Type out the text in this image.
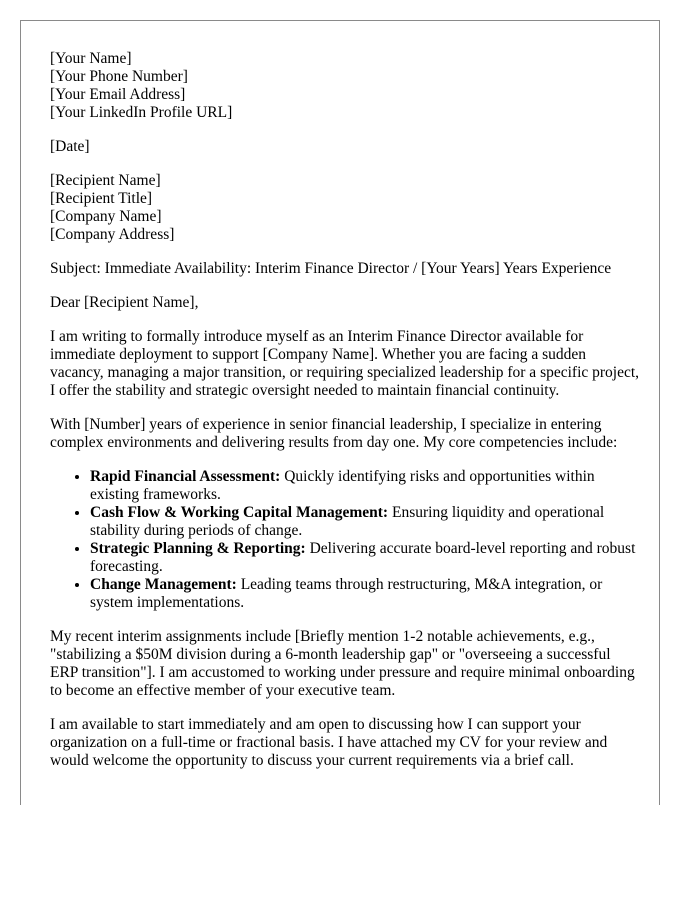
[Your Name]
[Your Phone Number]
[Your Email Address]
[Your LinkedIn Profile URL]
[Date]
[Recipient Name]
[Recipient Title]
[Company Name]
[Company Address]

Subject: Immediate Availability: Interim Finance Director / [Your Years] Years Experience

Dear [Recipient Name],

I am writing to formally introduce myself as an Interim Finance Director available for immediate deployment to support [Company Name]. Whether you are facing a sudden vacancy, managing a major transition, or requiring specialized leadership for a specific project, I offer the stability and strategic oversight needed to maintain financial continuity.

With [Number] years of experience in senior financial leadership, I specialize in entering complex environments and delivering results from day one. My core competencies include:

• Rapid Financial Assessment: Quickly identifying risks and opportunities within existing frameworks.
• Cash Flow & Working Capital Management: Ensuring liquidity and operational stability during periods of change.
• Strategic Planning & Reporting: Delivering accurate board-level reporting and robust forecasting.
• Change Management: Leading teams through restructuring, M&A integration, or system implementations.

My recent interim assignments include [Briefly mention 1-2 notable achievements, e.g., "stabilizing a $50M division during a 6-month leadership gap" or "overseeing a successful ERP transition"]. I am accustomed to working under pressure and require minimal onboarding to become an effective member of your executive team.

I am available to start immediately and am open to discussing how I can support your organization on a full-time or fractional basis. I have attached my CV for your review and would welcome the opportunity to discuss your current requirements via a brief call.
